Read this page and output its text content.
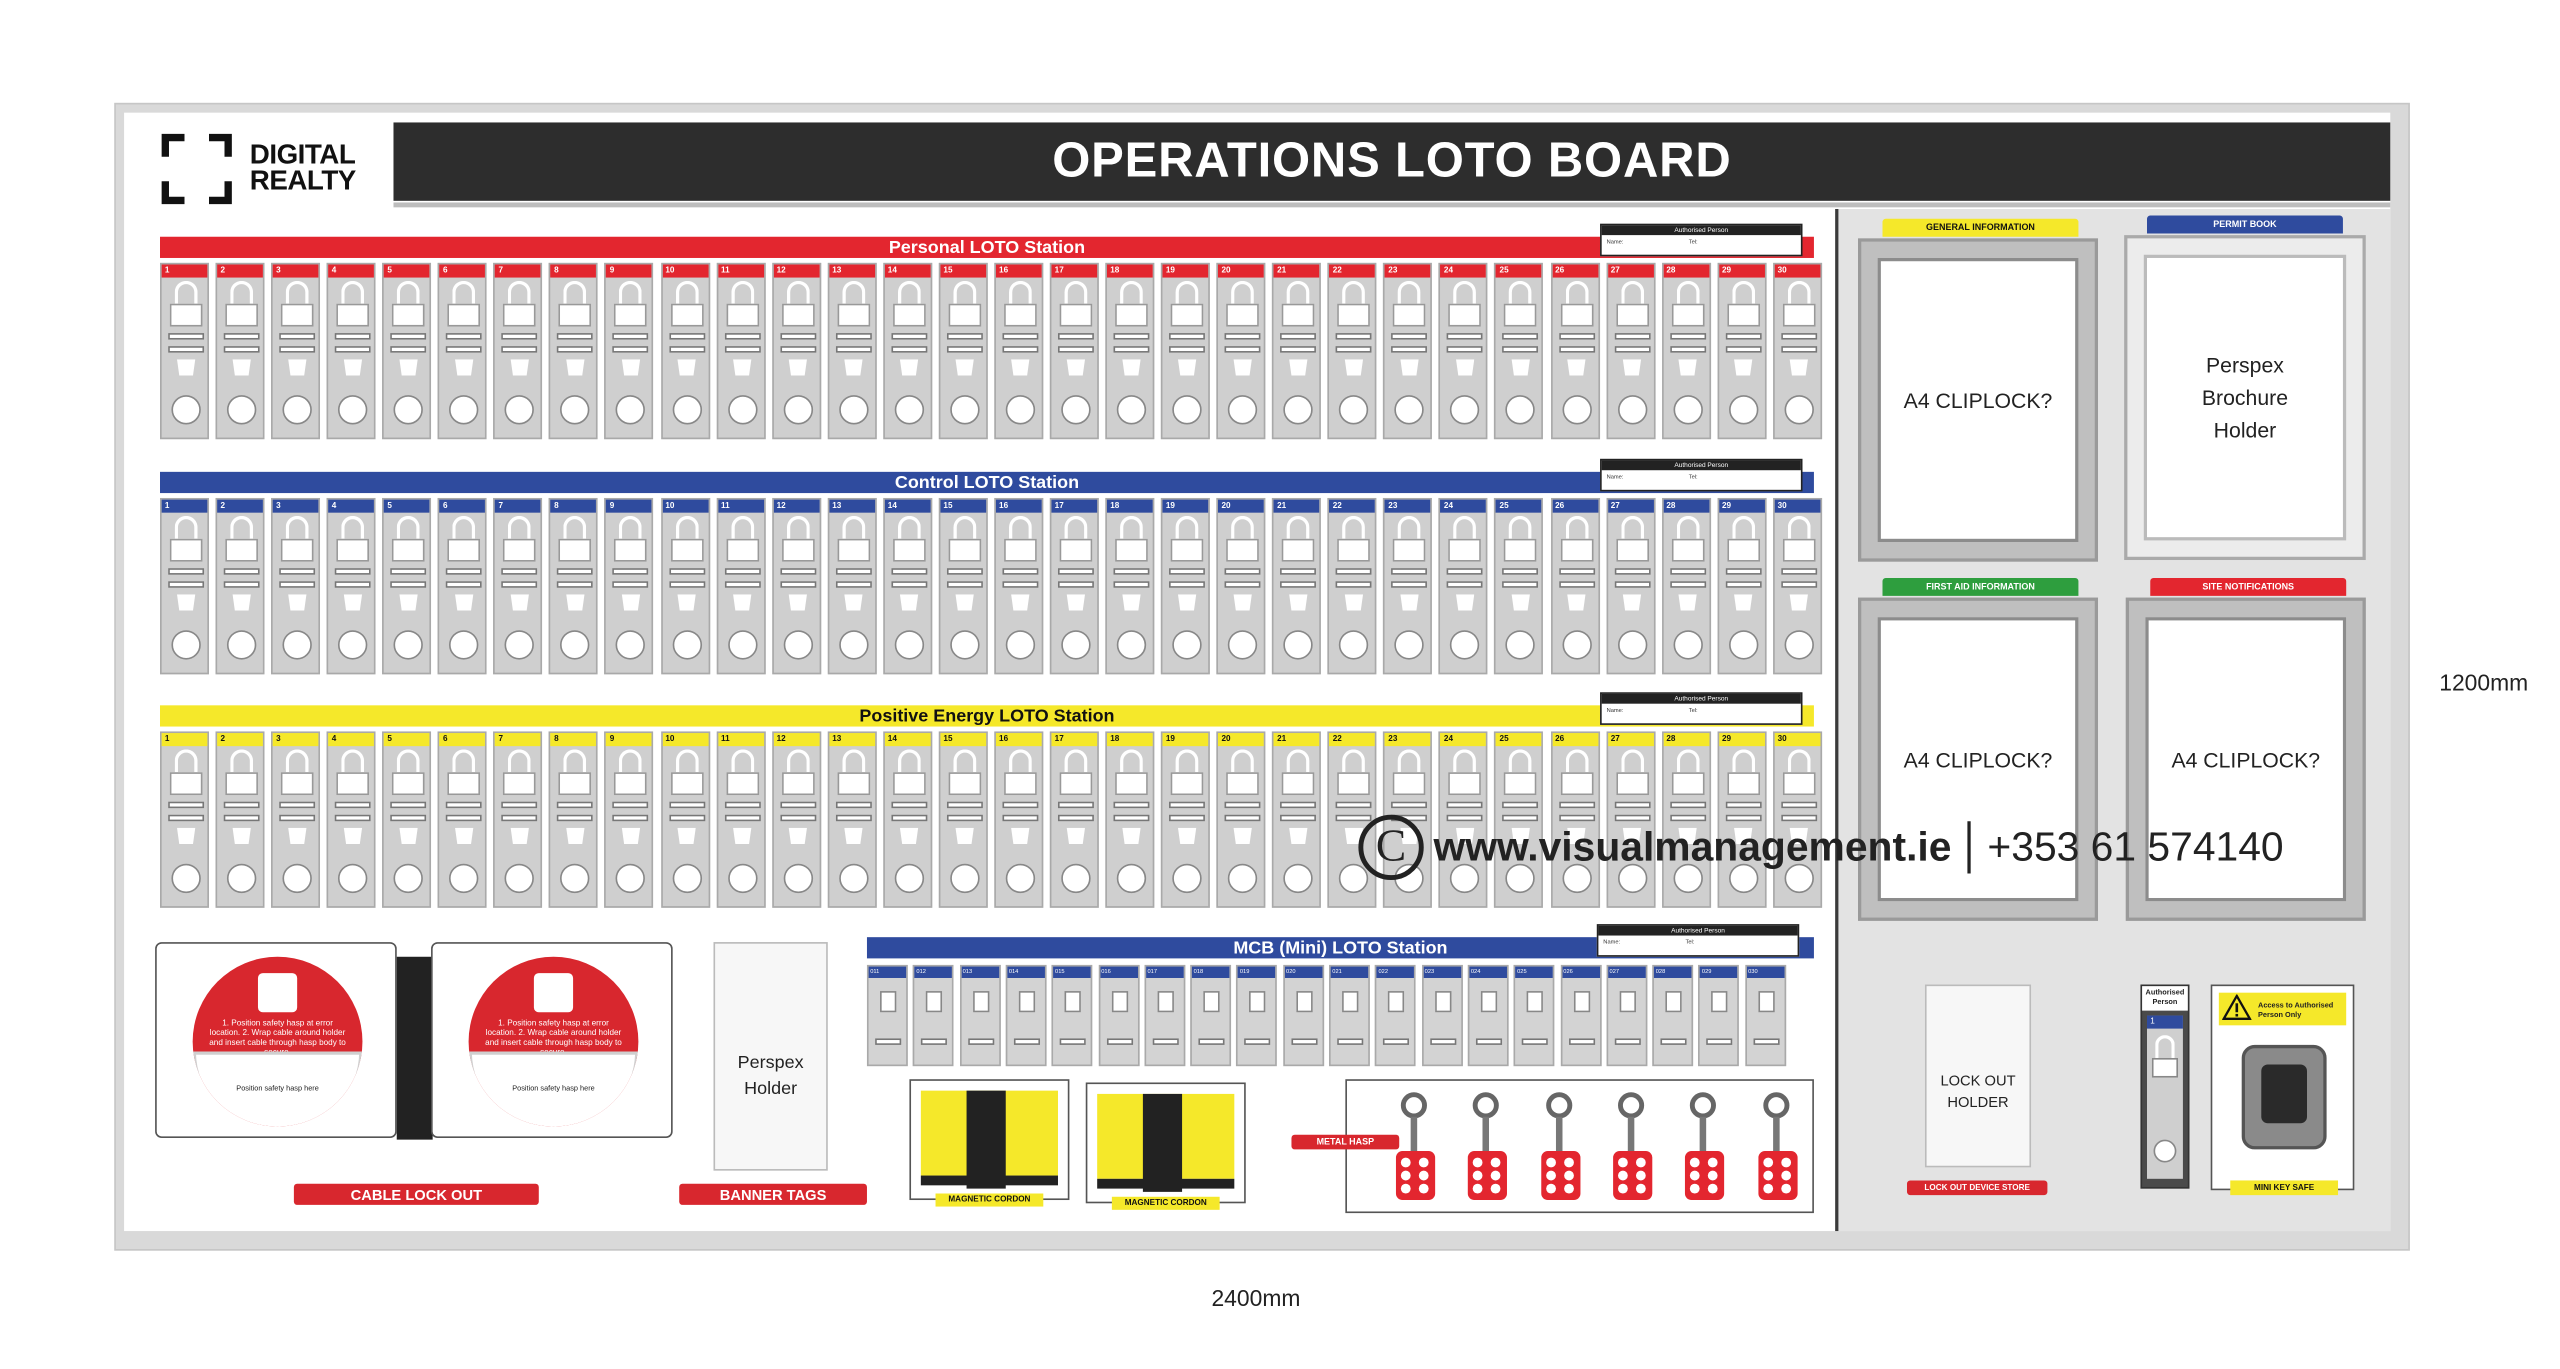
DIGITAL
REALTY	OPERATIONS LOTO BOARD
Personal LOTO Station
Authorised Person
Name:	Tel:
1	2	3	4	5	6	7	8	9	10	11	12	13	14	15	16	17	18	19	20	21	22	23	24	25	26	27	28	29	30
Control LOTO Station
Authorised Person
Name:	Tel:
1	2	3	4	5	6	7	8	9	10	11	12	13	14	15	16	17	18	19	20	21	22	23	24	25	26	27	28	29	30
Positive Energy LOTO Station
Authorised Person
Name:	Tel:
1	2	3	4	5	6	7	8	9	10	11	12	13	14	15	16	17	18	19	20	21	22	23	24	25	26	27	28	29	30
MCB (Mini) LOTO Station
011	012	013	014	015	016	017	018	019	020	021	022	023	024	025	026	027	028	029	030
Authorised Person
Name:	Tel:
1. Position safety hasp at error location. 2. Wrap cable around holder and insert cable through hasp body to
Position safety hasp here
1. Position safety hasp at error location. 2. Wrap cable around holder and insert cable through hasp body to
Position safety hasp here
CABLE LOCK OUT
Perspex Holder
BANNER TAGS	MAGNETIC CORDON	MAGNETIC CORDON
METAL HASP
GENERAL INFORMATION
A4 CLIPLOCK?
PERMIT BOOK
Perspex Brochure Holder
FIRST AID INFORMATION
A4 CLIPLOCK?
SITE NOTIFICATIONS
A4 CLIPLOCK?
LOCK OUT HOLDER
LOCK OUT DEVICE STORE
Authorised Person
1
Access to Authorised Person Only
MINI KEY SAFE
C	www.visualmanagement.ie +353 61 574140
1200mm
2400mm
